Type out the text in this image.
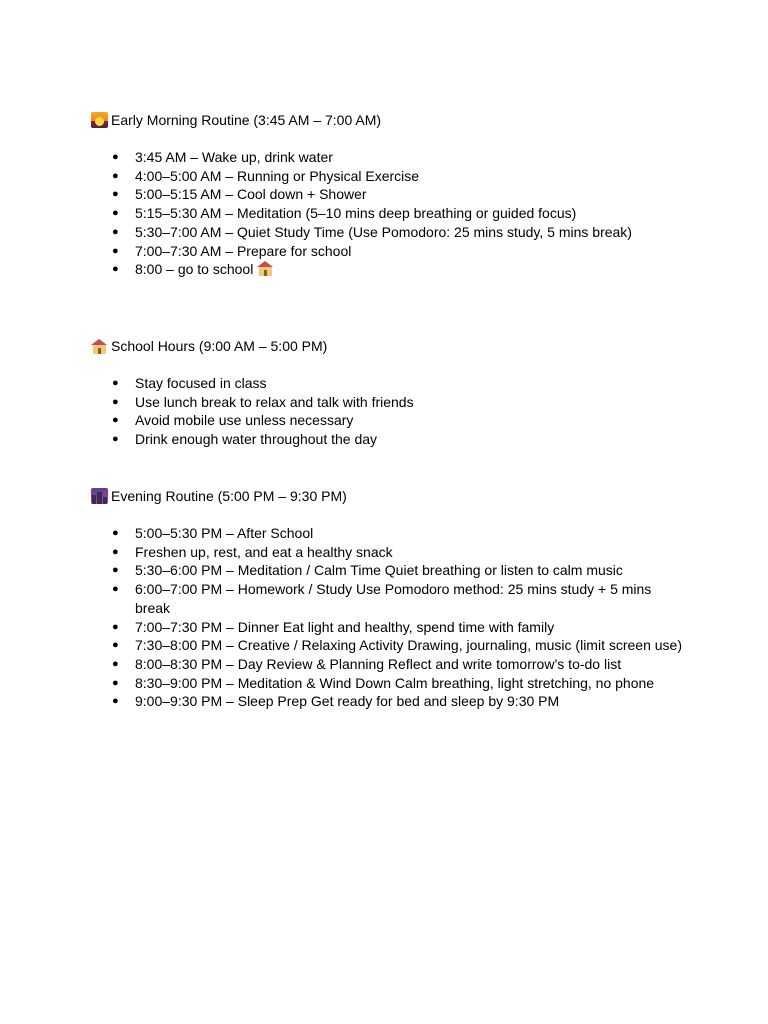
Early Morning Routine (3:45 AM – 7:00 AM)
● 3:45 AM – Wake up, drink water
● 4:00–5:00 AM – Running or Physical Exercise
● 5:00–5:15 AM – Cool down + Shower
● 5:15–5:30 AM – Meditation (5–10 mins deep breathing or guided focus)
● 5:30–7:00 AM – Quiet Study Time (Use Pomodoro: 25 mins study, 5 mins break)
● 7:00–7:30 AM – Prepare for school
● 8:00 – go to school
School Hours (9:00 AM – 5:00 PM)
● Stay focused in class
● Use lunch break to relax and talk with friends
● Avoid mobile use unless necessary
● Drink enough water throughout the day
Evening Routine (5:00 PM – 9:30 PM)
● 5:00–5:30 PM – After School
● Freshen up, rest, and eat a healthy snack
● 5:30–6:00 PM – Meditation / Calm Time Quiet breathing or listen to calm music
● 6:00–7:00 PM – Homework / Study Use Pomodoro method: 25 mins study + 5 mins break
● 7:00–7:30 PM – Dinner Eat light and healthy, spend time with family
● 7:30–8:00 PM – Creative / Relaxing Activity Drawing, journaling, music (limit screen use)
● 8:00–8:30 PM – Day Review & Planning Reflect and write tomorrow’s to-do list
● 8:30–9:00 PM – Meditation & Wind Down Calm breathing, light stretching, no phone
● 9:00–9:30 PM – Sleep Prep Get ready for bed and sleep by 9:30 PM
